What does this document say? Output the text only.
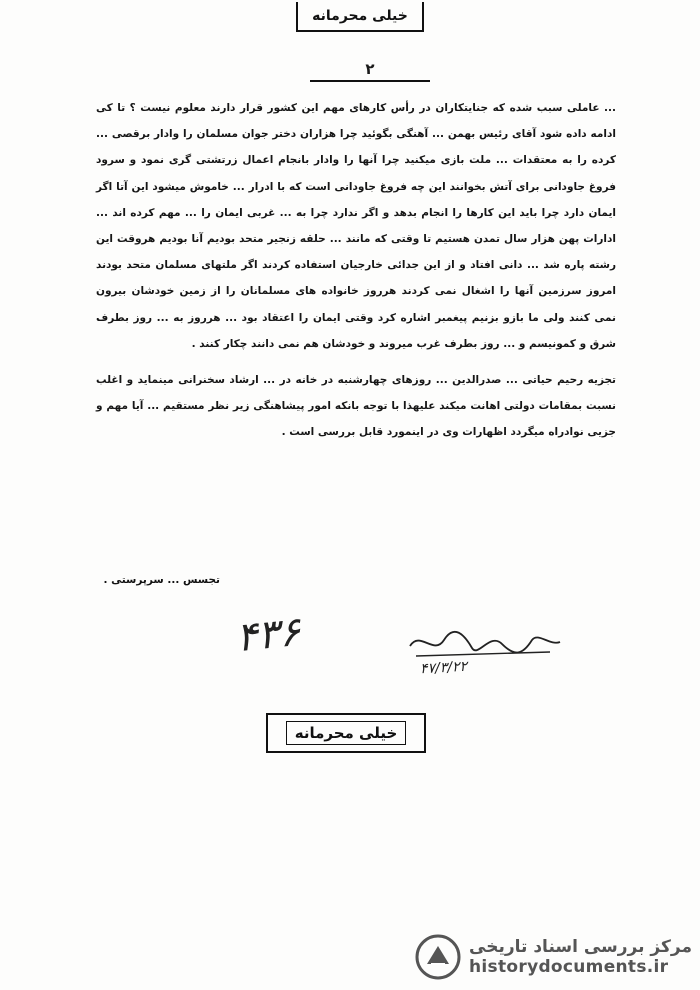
خیلی محرمانه
۲

... عاملی سبب شده که جنایتکاران در رأس کارهای مهم این کشور قرار دارند معلوم نیست ؟ تا کی ادامه داده شود آقای رئیس بهمن ... آهنگی بگوئید چرا هزاران دختر جوان مسلمان را وادار برقصی ... کرده را به معتقدات ... ملت بازی میکنید چرا آنها را وادار بانجام اعمال زرتشتی گری نمود و سرود فروغ جاودانی برای آتش بخوانند این چه فروغ جاودانی است که با ادرار ... خاموش میشود این آتا اگر ایمان دارد چرا باید این کارها را انجام بدهد و اگر ندارد چرا به ... غربی ایمان را ... مهم کرده اند ... ادارات پهن هزار سال تمدن هستیم تا وقتی که مانند ... حلقه زنجیر متحد بودیم آنا بودیم هروقت این رشته پاره شد ... دانی افتاد و از این جدائی خارجیان استفاده کردند اگر ملتهای مسلمان متحد بودند امروز سرزمین آنها را اشغال نمی کردند هرروز خانواده های مسلمانان را از زمین خودشان بیرون نمی کنند ولی ما بازو بزنیم پیغمبر اشاره کرد وقتی ایمان را اعتقاد بود ... هرروز به ... روز بطرف شرق و کمونیسم و ... روز بطرف غرب میروند و خودشان هم نمی دانند چکار کنند .

تجزیه رحیم حیاتی ... صدرالدین ... روزهای چهارشنبه در خانه در ... ارشاد سخنرانی مینماید و اغلب نسبت بمقامات دولتی اهانت میکند علیهذا با توجه بانکه امور پیشاهنگی زیر نظر مستقیم ... آیا مهم و جزیی نوادراه میگردد اظهارات وی در اینمورد قابل بررسی است .

تجسس ... سرپرستی .
۴۳۶
۴۷/۳/۲۲
خیلی محرمانه
مرکز بررسی اسناد تاریخی
historydocuments.ir
